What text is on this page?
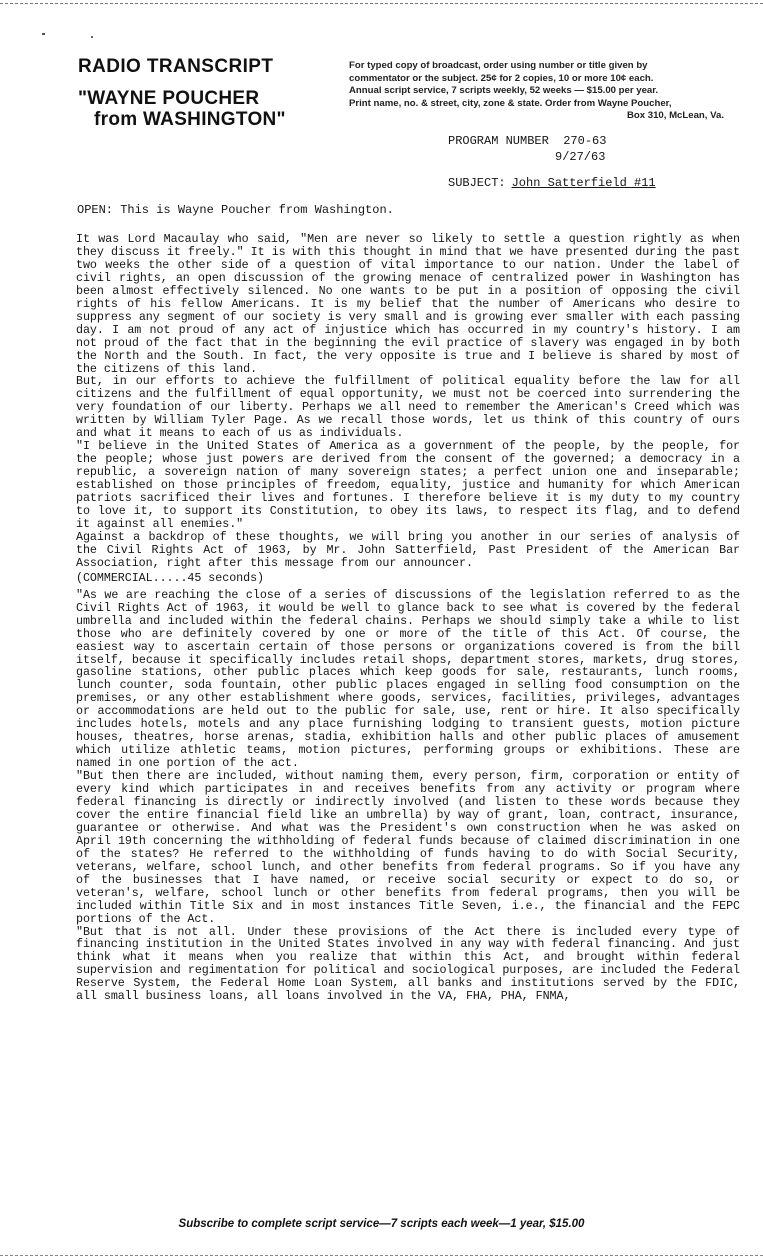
RADIO TRANSCRIPT
"WAYNE POUCHER
from WASHINGTON"
For typed copy of broadcast, order using number or title given by
commentator or the subject. 25¢ for 2 copies, 10 or more 10¢ each.
Annual script service, 7 scripts weekly, 52 weeks — $15.00 per year.
Print name, no. & street, city, zone & state. Order from Wayne Poucher,
Box 310, McLean, Va.
PROGRAM NUMBER 270-63
9/27/63
SUBJECT: John Satterfield #11
OPEN: This is Wayne Poucher from Washington.

It was Lord Macaulay who said, "Men are never so likely to settle a question rightly as when they discuss it freely." It is with this thought in mind that we have presented during the past two weeks the other side of a question of vital importance to our nation. Under the label of civil rights, an open discussion of the growing menace of centralized power in Washington has been almost effectively silenced. No one wants to be put in a position of opposing the civil rights of his fellow Americans. It is my belief that the number of Americans who desire to suppress any segment of our society is very small and is growing ever smaller with each passing day. I am not proud of any act of injustice which has occurred in my country's history. I am not proud of the fact that in the beginning the evil practice of slavery was engaged in by both the North and the South. In fact, the very opposite is true and I believe is shared by most of the citizens of this land.

But, in our efforts to achieve the fulfillment of political equality before the law for all citizens and the fulfillment of equal opportunity, we must not be coerced into surrendering the very foundation of our liberty. Perhaps we all need to remember the American's Creed which was written by William Tyler Page. As we recall those words, let us think of this country of ours and what it means to each of us as individuals.

"I believe in the United States of America as a government of the people, by the people, for the people; whose just powers are derived from the consent of the governed; a democracy in a republic, a sovereign nation of many sovereign states; a perfect union one and inseparable; established on those principles of freedom, equality, justice and humanity for which American patriots sacrificed their lives and fortunes. I therefore believe it is my duty to my country to love it, to support its Constitution, to obey its laws, to respect its flag, and to defend it against all enemies."

Against a backdrop of these thoughts, we will bring you another in our series of analysis of the Civil Rights Act of 1963, by Mr. John Satterfield, Past President of the American Bar Association, right after this message from our announcer.

(COMMERCIAL.....45 seconds)

"As we are reaching the close of a series of discussions of the legislation referred to as the Civil Rights Act of 1963, it would be well to glance back to see what is covered by the federal umbrella and included within the federal chains. Perhaps we should simply take a while to list those who are definitely covered by one or more of the title of this Act. Of course, the easiest way to ascertain certain of those persons or organizations covered is from the bill itself, because it specifically includes retail shops, department stores, markets, drug stores, gasoline stations, other public places which keep goods for sale, restaurants, lunch rooms, lunch counter, soda fountain, other public places engaged in selling food consumption on the premises, or any other establishment where goods, services, facilities, privileges, advantages or accommodations are held out to the public for sale, use, rent or hire. It also specifically includes hotels, motels and any place furnishing lodging to transient guests, motion picture houses, theatres, horse arenas, stadia, exhibition halls and other public places of amusement which utilize athletic teams, motion pictures, performing groups or exhibitions. These are named in one portion of the act.

"But then there are included, without naming them, every person, firm, corporation or entity of every kind which participates in and receives benefits from any activity or program where federal financing is directly or indirectly involved (and listen to these words because they cover the entire financial field like an umbrella) by way of grant, loan, contract, insurance, guarantee or otherwise. And what was the President's own construction when he was asked on April 19th concerning the withholding of federal funds because of claimed discrimination in one of the states? He referred to the withholding of funds having to do with Social Security, veterans, welfare, school lunch, and other benefits from federal programs. So if you have any of the businesses that I have named, or receive social security or expect to do so, or veteran's, welfare, school lunch or other benefits from federal programs, then you will be included within Title Six and in most instances Title Seven, i.e., the financial and the FEPC portions of the Act.

"But that is not all. Under these provisions of the Act there is included every type of financing institution in the United States involved in any way with federal financing. And just think what it means when you realize that within this Act, and brought within federal supervision and regimentation for political and sociological purposes, are included the Federal Reserve System, the Federal Home Loan System, all banks and institutions served by the FDIC, all small business loans, all loans involved in the VA, FHA, PHA, FNMA,

Subscribe to complete script service—7 scripts each week—1 year, $15.00
